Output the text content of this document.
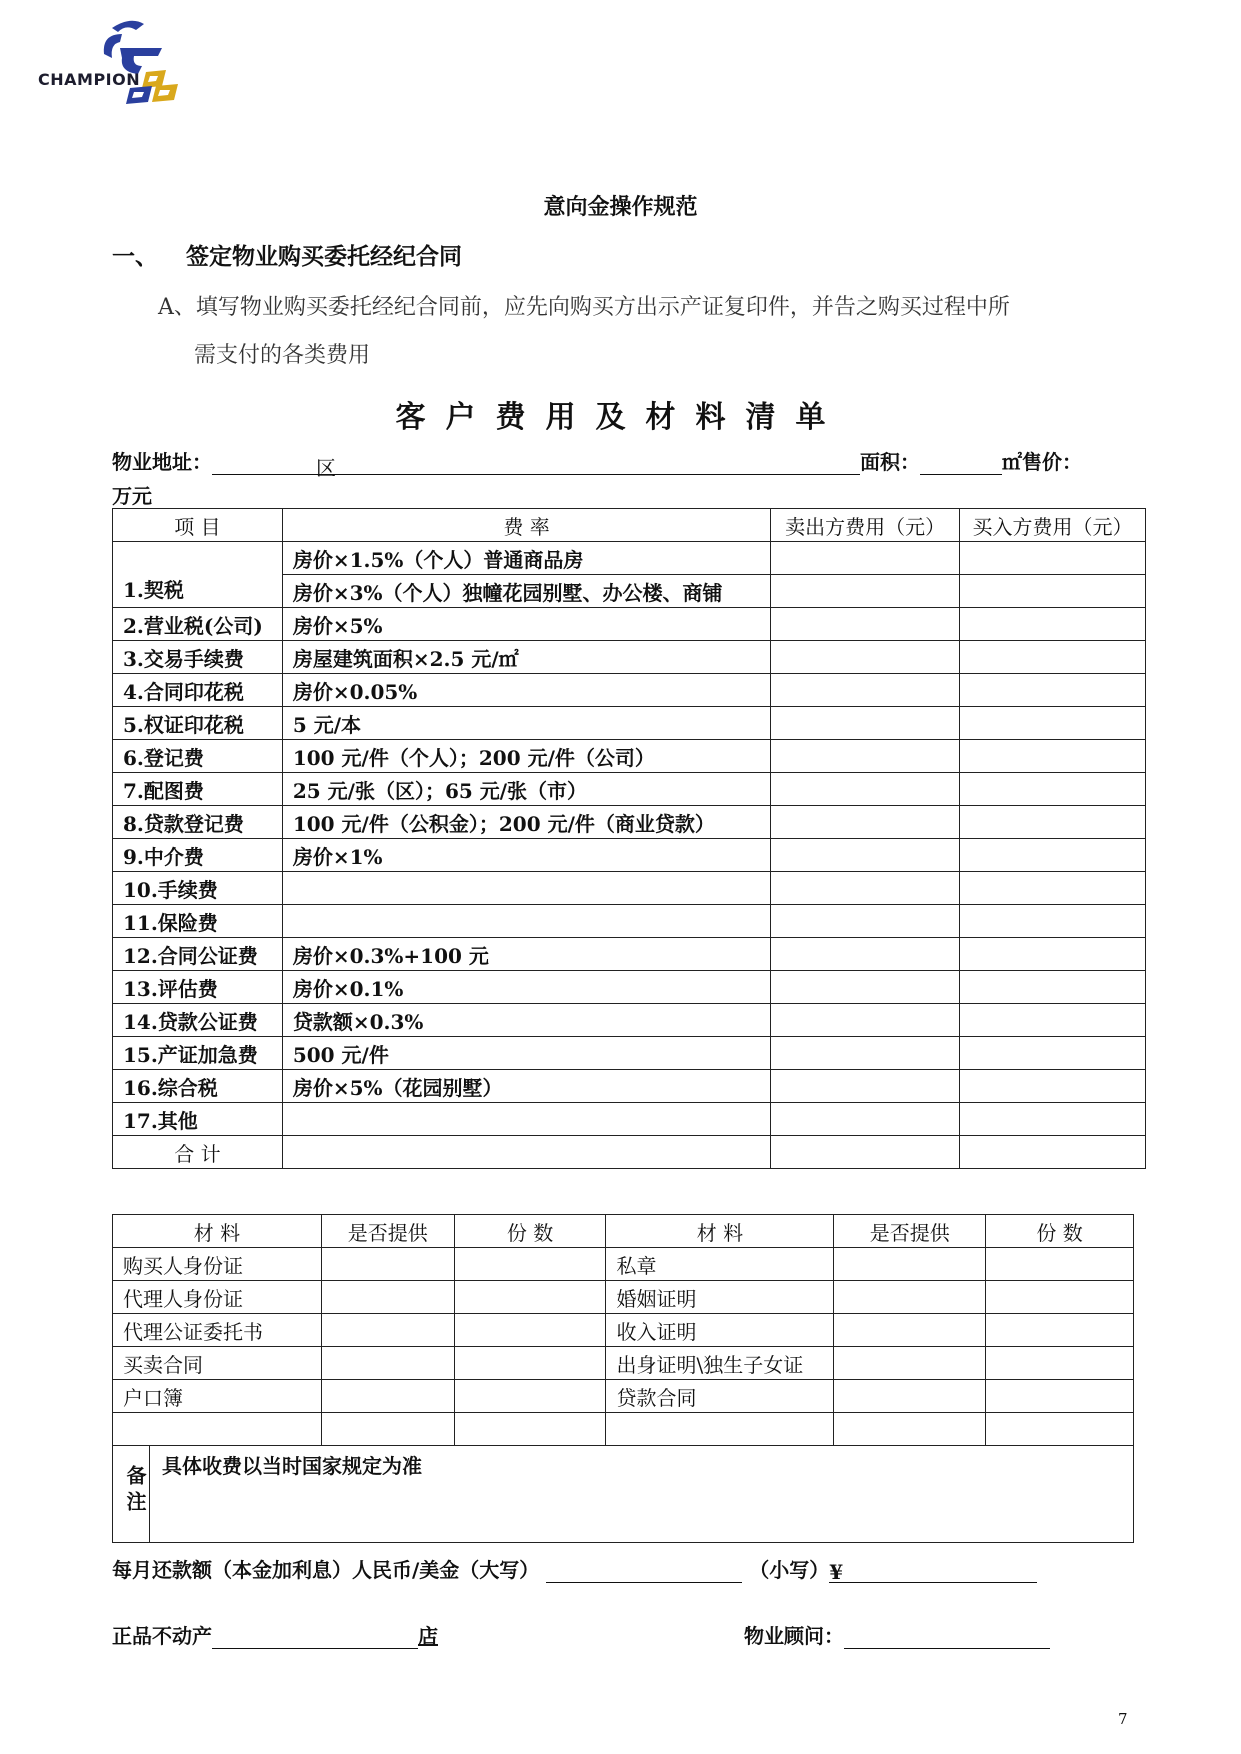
CHAMPION
意向金操作规范
一、 签定物业购买委托经纪合同
A、填写物业购买委托经纪合同前，应先向购买方出示产证复印件，并告之购买过程中所
需支付的各类费用
客户费用及材料清单
物业地址：	区	面积：	㎡售价：
万元
项 目	费 率	卖出方费用（元）	买入方费用（元）
1.契税	房价×1.5%（个人）普通商品房		
	房价×3%（个人）独幢花园别墅、办公楼、商铺		
2.营业税(公司)	房价×5%		
3.交易手续费	房屋建筑面积×2.5 元/㎡		
4.合同印花税	房价×0.05%		
5.权证印花税	5 元/本		
6.登记费	100 元/件（个人）；200 元/件（公司）		
7.配图费	25 元/张（区）；65 元/张（市）		
8.贷款登记费	100 元/件（公积金）；200 元/件（商业贷款）		
9.中介费	房价×1%		
10.手续费			
11.保险费			
12.合同公证费	房价×0.3%+100 元		
13.评估费	房价×0.1%		
14.贷款公证费	贷款额×0.3%		
15.产证加急费	500 元/件		
16.综合税	房价×5%（花园别墅）		
17.其他			
合 计			
材 料	是否提供	份 数	材 料	是否提供	份 数
购买人身份证			私章		
代理人身份证			婚姻证明		
代理公证委托书			收入证明		
买卖合同			出身证明\独生子女证		
户口簿			贷款合同		

备注 具体收费以当时国家规定为准					
每月还款额（本金加利息）人民币/美金（大写）	（小写）¥
正品不动产	店	物业顾问：
7
